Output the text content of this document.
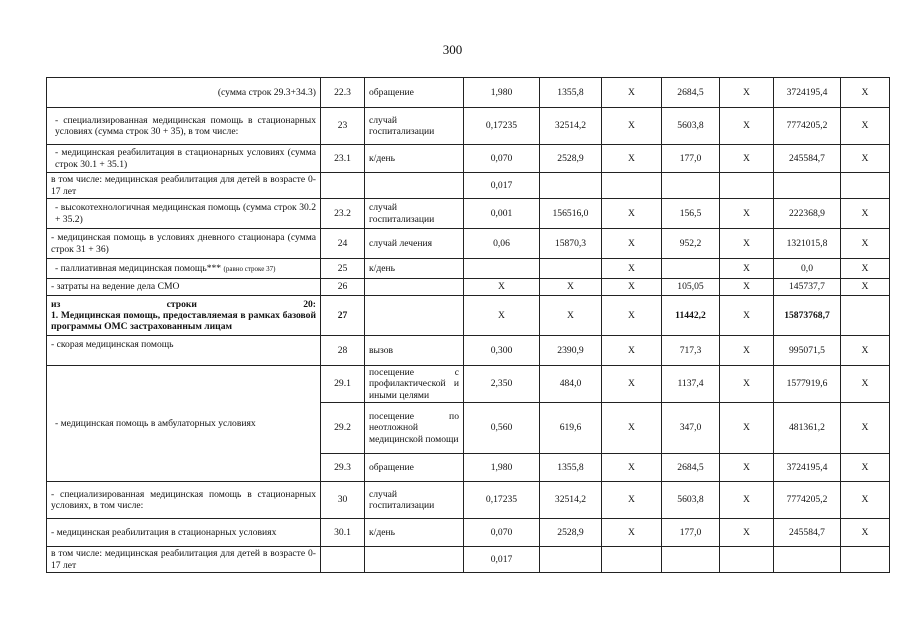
300
(сумма строк 29.3+34.3)	22.3	обращение	1,980	1355,8	Х	2684,5	Х	3724195,4	Х
- специализированная медицинская помощь в стационарных условиях (сумма строк 30 + 35), в том числе:	23	случай госпитализации	0,17235	32514,2	Х	5603,8	Х	7774205,2	Х
- медицинская реабилитация в стационарных условиях (сумма строк 30.1 + 35.1)	23.1	к/день	0,070	2528,9	Х	177,0	Х	245584,7	Х
в том числе: медицинская реабилитация для детей в возрасте 0-17 лет			0,017						
- высокотехнологичная медицинская помощь (сумма строк 30.2 + 35.2)	23.2	случай госпитализации	0,001	156516,0	Х	156,5	Х	222368,9	Х
- медицинская помощь в условиях дневного стационара (сумма строк 31 + 36)	24	случай лечения	0,06	15870,3	Х	952,2	Х	1321015,8	Х
- паллиативная медицинская помощь*** (равно строке 37)	25	к/день			Х		Х	0,0	Х
- затраты на ведение дела СМО	26		Х	Х	Х	105,05	Х	145737,7	Х

из строки 20:
1. Медицинская помощь, предоставляемая в рамках базовой программы ОМС застрахованным лицам	27		Х	Х	Х	11442,2	Х	15873768,7	
- скорая медицинская помощь	28	вызов	0,300	2390,9	Х	717,3	Х	995071,5	Х
- медицинская помощь в амбулаторных условиях	29.1	посещение с профилактической и иными целями	2,350	484,0	Х	1137,4	Х	1577919,6	Х
	29.2	посещение по неотложной медицинской помощи	0,560	619,6	Х	347,0	Х	481361,2	Х
	29.3	обращение	1,980	1355,8	Х	2684,5	Х	3724195,4	Х
- специализированная медицинская помощь в стационарных условиях, в том числе:	30	случай госпитализации	0,17235	32514,2	Х	5603,8	Х	7774205,2	Х
- медицинская реабилитация в стационарных условиях	30.1	к/день	0,070	2528,9	Х	177,0	Х	245584,7	Х
в том числе: медицинская реабилитация для детей в возрасте 0-17 лет			0,017						
